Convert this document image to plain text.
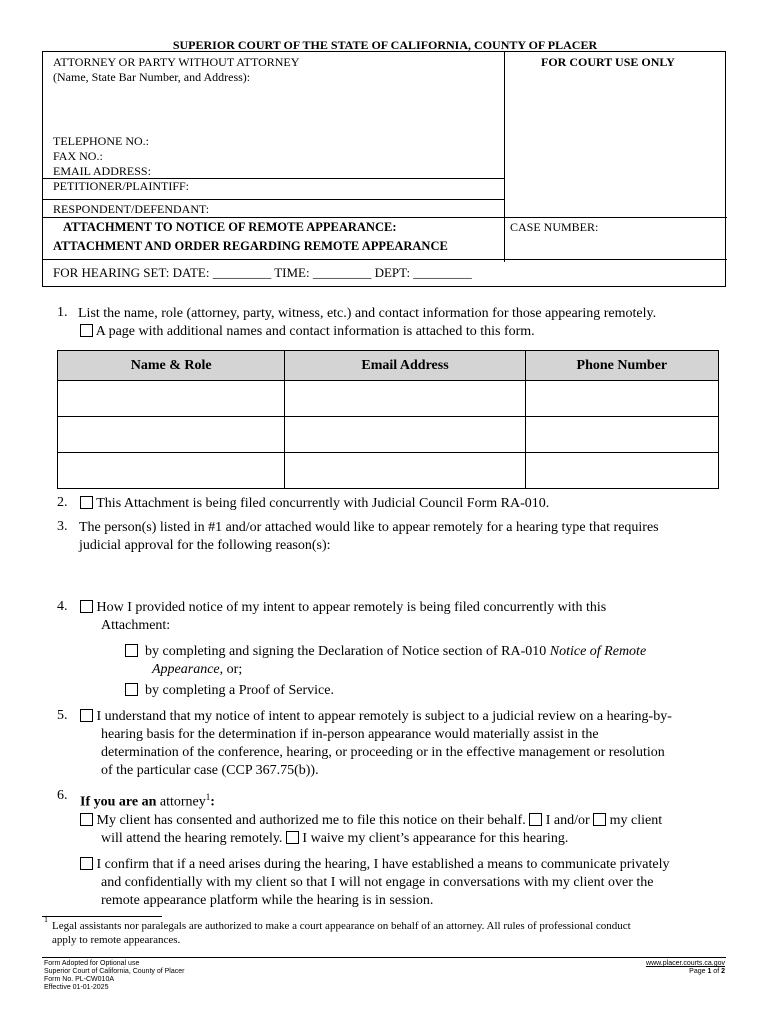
SUPERIOR COURT OF THE STATE OF CALIFORNIA, COUNTY OF PLACER
ATTORNEY OR PARTY WITHOUT ATTORNEY
(Name, State Bar Number, and Address):
FOR COURT USE ONLY
TELEPHONE NO.:
FAX NO.:
EMAIL ADDRESS:
PETITIONER/PLAINTIFF:
RESPONDENT/DEFENDANT:
ATTACHMENT TO NOTICE OF REMOTE APPEARANCE:
ATTACHMENT AND ORDER REGARDING REMOTE APPEARANCE
CASE NUMBER:
FOR HEARING SET: DATE: _________ TIME: _________ DEPT: _________
1. List the name, role (attorney, party, witness, etc.) and contact information for those appearing remotely.
A page with additional names and contact information is attached to this form.
Name & Role	Email Address	Phone Number

2.	This Attachment is being filed concurrently with Judicial Council Form RA-010.
3. The person(s) listed in #1 and/or attached would like to appear remotely for a hearing type that requires
judicial approval for the following reason(s):
4.	How I provided notice of my intent to appear remotely is being filed concurrently with this
Attachment:
by completing and signing the Declaration of Notice section of RA-010 Notice of Remote
Appearance, or;
by completing a Proof of Service.
5.	I understand that my notice of intent to appear remotely is subject to a judicial review on a hearing-by-
hearing basis for the determination if in-person appearance would materially assist in the
determination of the conference, hearing, or proceeding or in the effective management or resolution
of the particular case (CCP 367.75(b)).
6. If you are an attorney$^1$:
My client has consented and authorized me to file this notice on their behalf. I and/or my client
will attend the hearing remotely. I waive my client’s appearance for this hearing.
I confirm that if a need arises during the hearing, I have established a means to communicate privately
and confidentially with my client so that I will not engage in conversations with my client over the
remote appearance platform while the hearing is in session.
1
Legal assistants nor paralegals are authorized to make a court appearance on behalf of an attorney. All rules of professional conduct
apply to remote appearances.
Form Adopted for Optional use
Superior Court of California, County of Placer
Form No. PL-CW010A
Effective 01-01-2025
www.placer.courts.ca.gov
Page 1 of 2
